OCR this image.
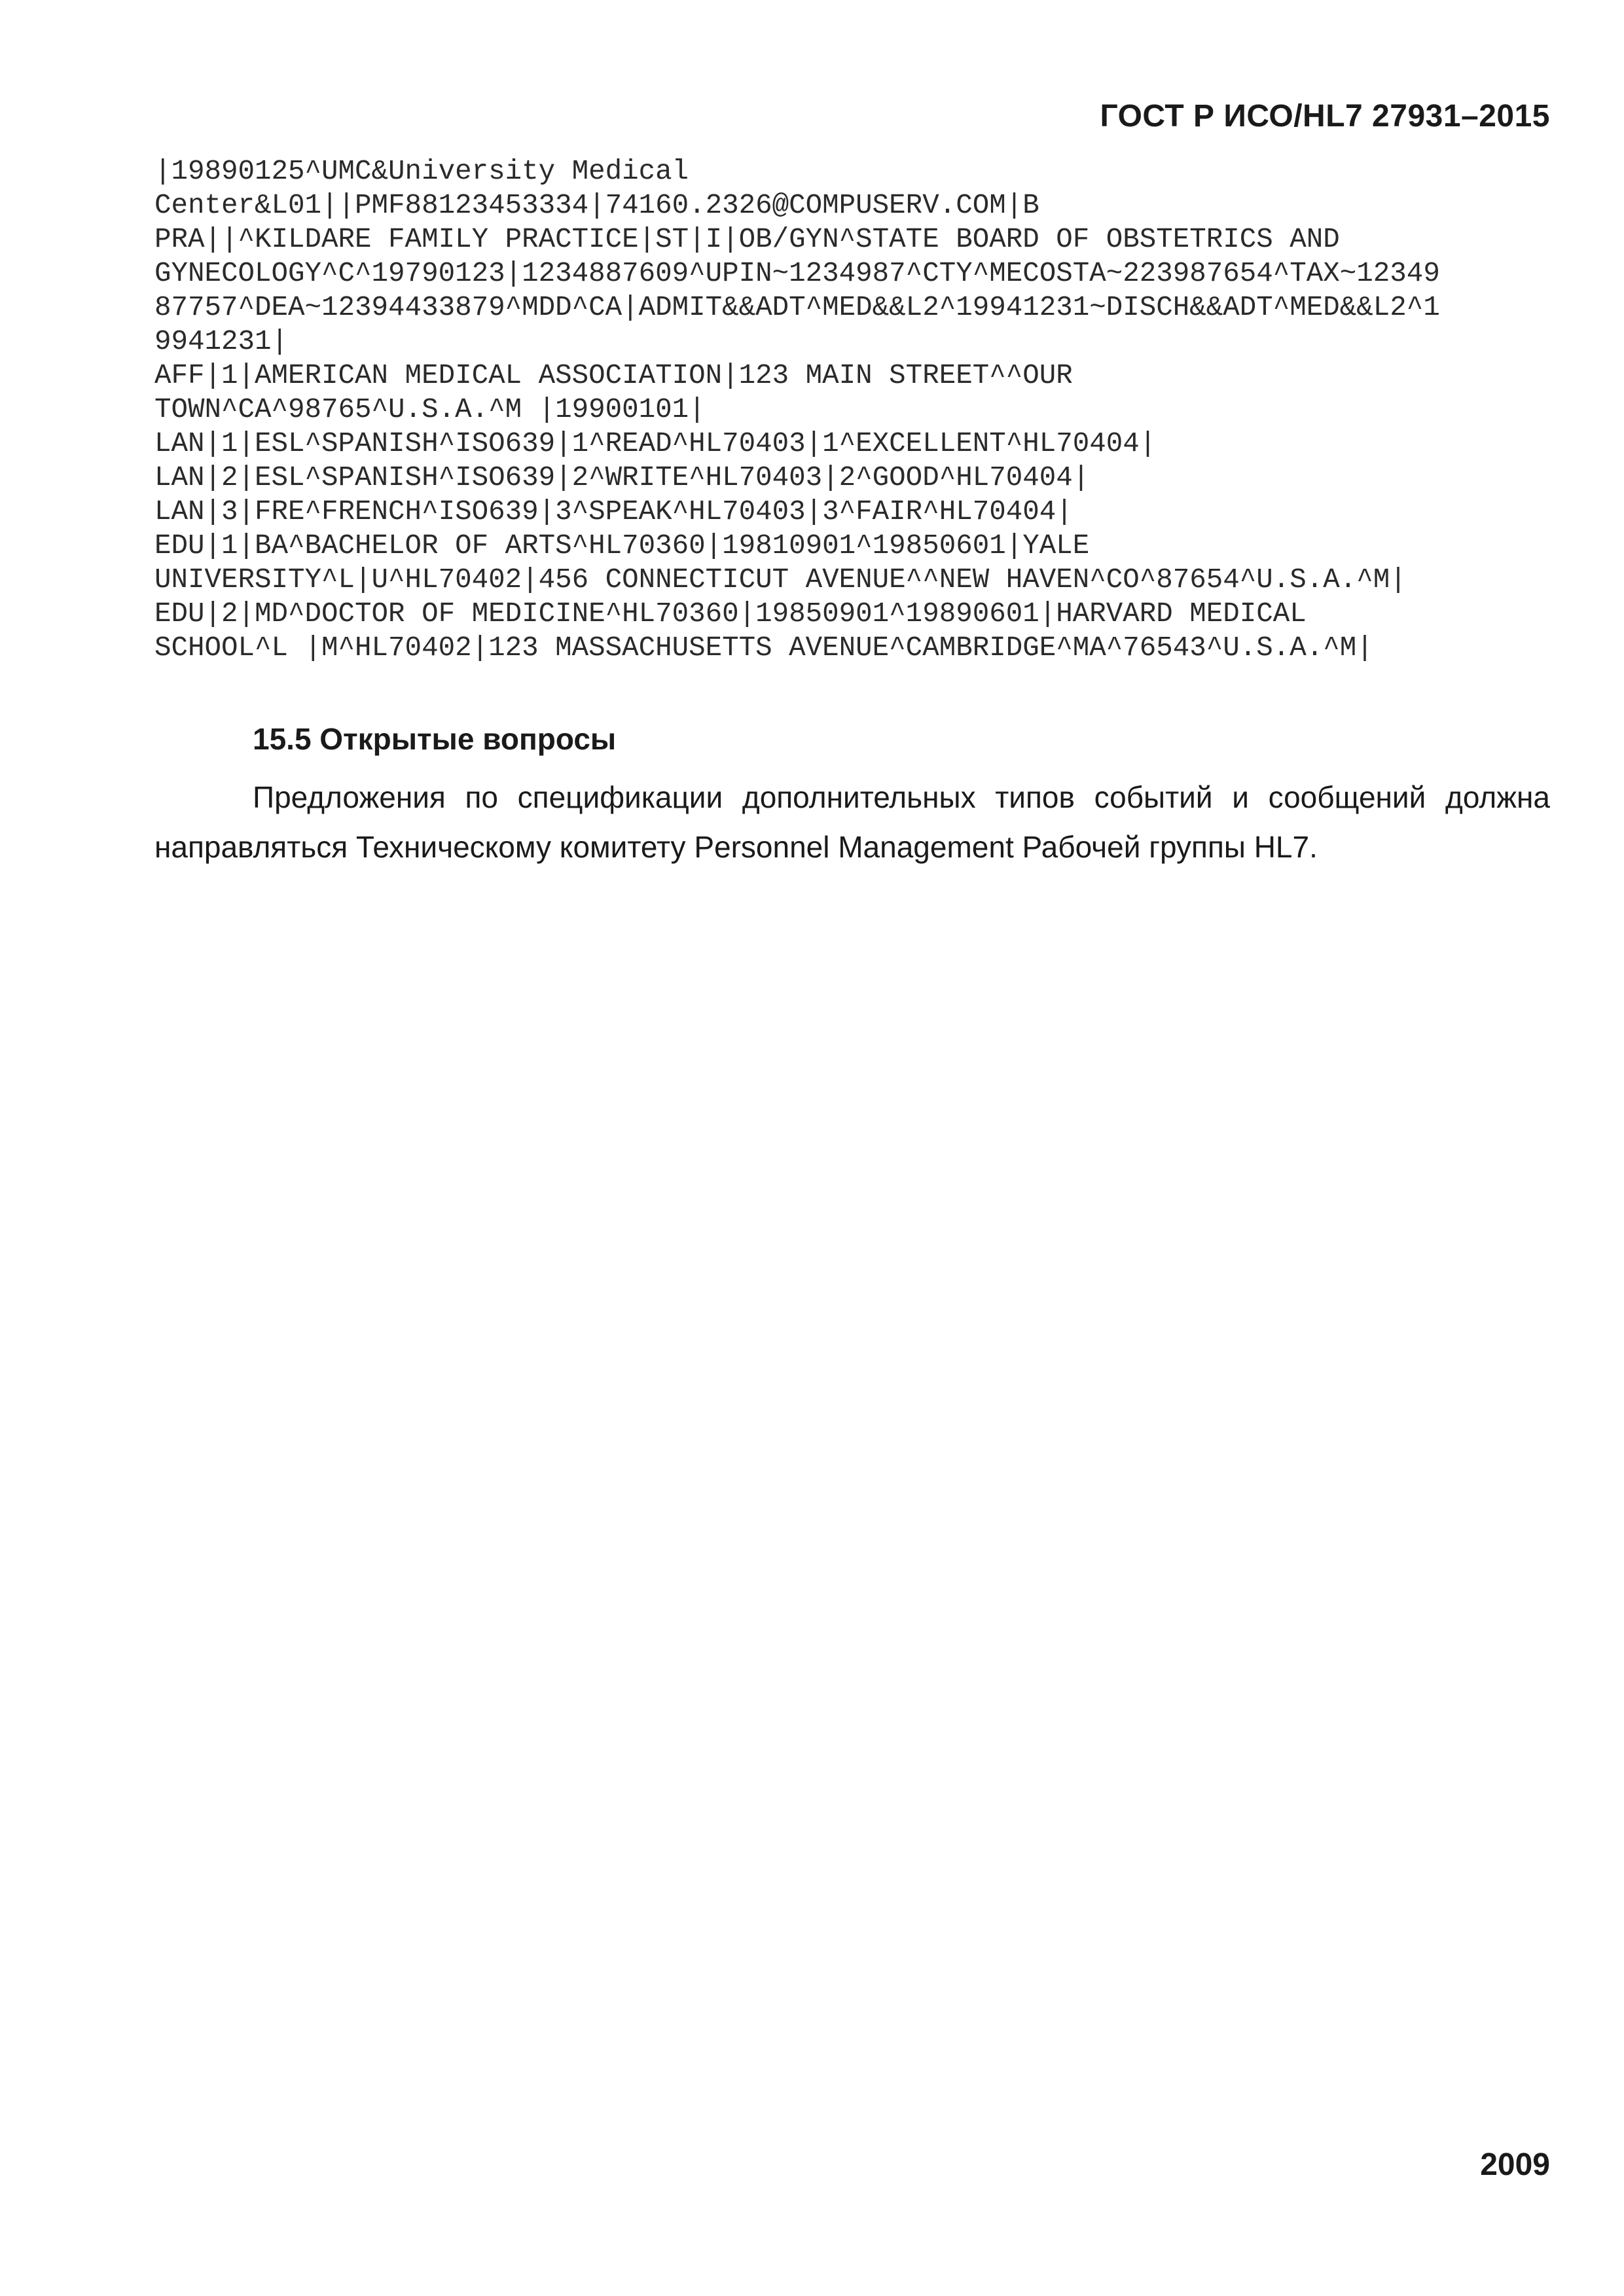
ГОСТ Р ИСО/HL7 27931–2015
|19890125^UMC&University Medical
Center&L01||PMF88123453334|74160.2326@COMPUSERV.COM|B
PRA||^KILDARE FAMILY PRACTICE|ST|I|OB/GYN^STATE BOARD OF OBSTETRICS AND
GYNECOLOGY^C^19790123|1234887609^UPIN~1234987^CTY^MECOSTA~223987654^TAX~12349
87757^DEA~12394433879^MDD^CA|ADMIT&&ADT^MED&&L2^19941231~DISCH&&ADT^MED&&L2^1
9941231|
AFF|1|AMERICAN MEDICAL ASSOCIATION|123 MAIN STREET^^OUR
TOWN^CA^98765^U.S.A.^M |19900101|
LAN|1|ESL^SPANISH^ISO639|1^READ^HL70403|1^EXCELLENT^HL70404|
LAN|2|ESL^SPANISH^ISO639|2^WRITE^HL70403|2^GOOD^HL70404|
LAN|3|FRE^FRENCH^ISO639|3^SPEAK^HL70403|3^FAIR^HL70404|
EDU|1|BA^BACHELOR OF ARTS^HL70360|19810901^19850601|YALE
UNIVERSITY^L|U^HL70402|456 CONNECTICUT AVENUE^^NEW HAVEN^CO^87654^U.S.A.^M|
EDU|2|MD^DOCTOR OF MEDICINE^HL70360|19850901^19890601|HARVARD MEDICAL
SCHOOL^L |M^HL70402|123 MASSACHUSETTS AVENUE^CAMBRIDGE^MA^76543^U.S.A.^M|
15.5 Открытые вопросы

Предложения по спецификации дополнительных типов событий и сообщений должна направляться Техническому комитету Personnel Management Рабочей группы HL7.

2009
